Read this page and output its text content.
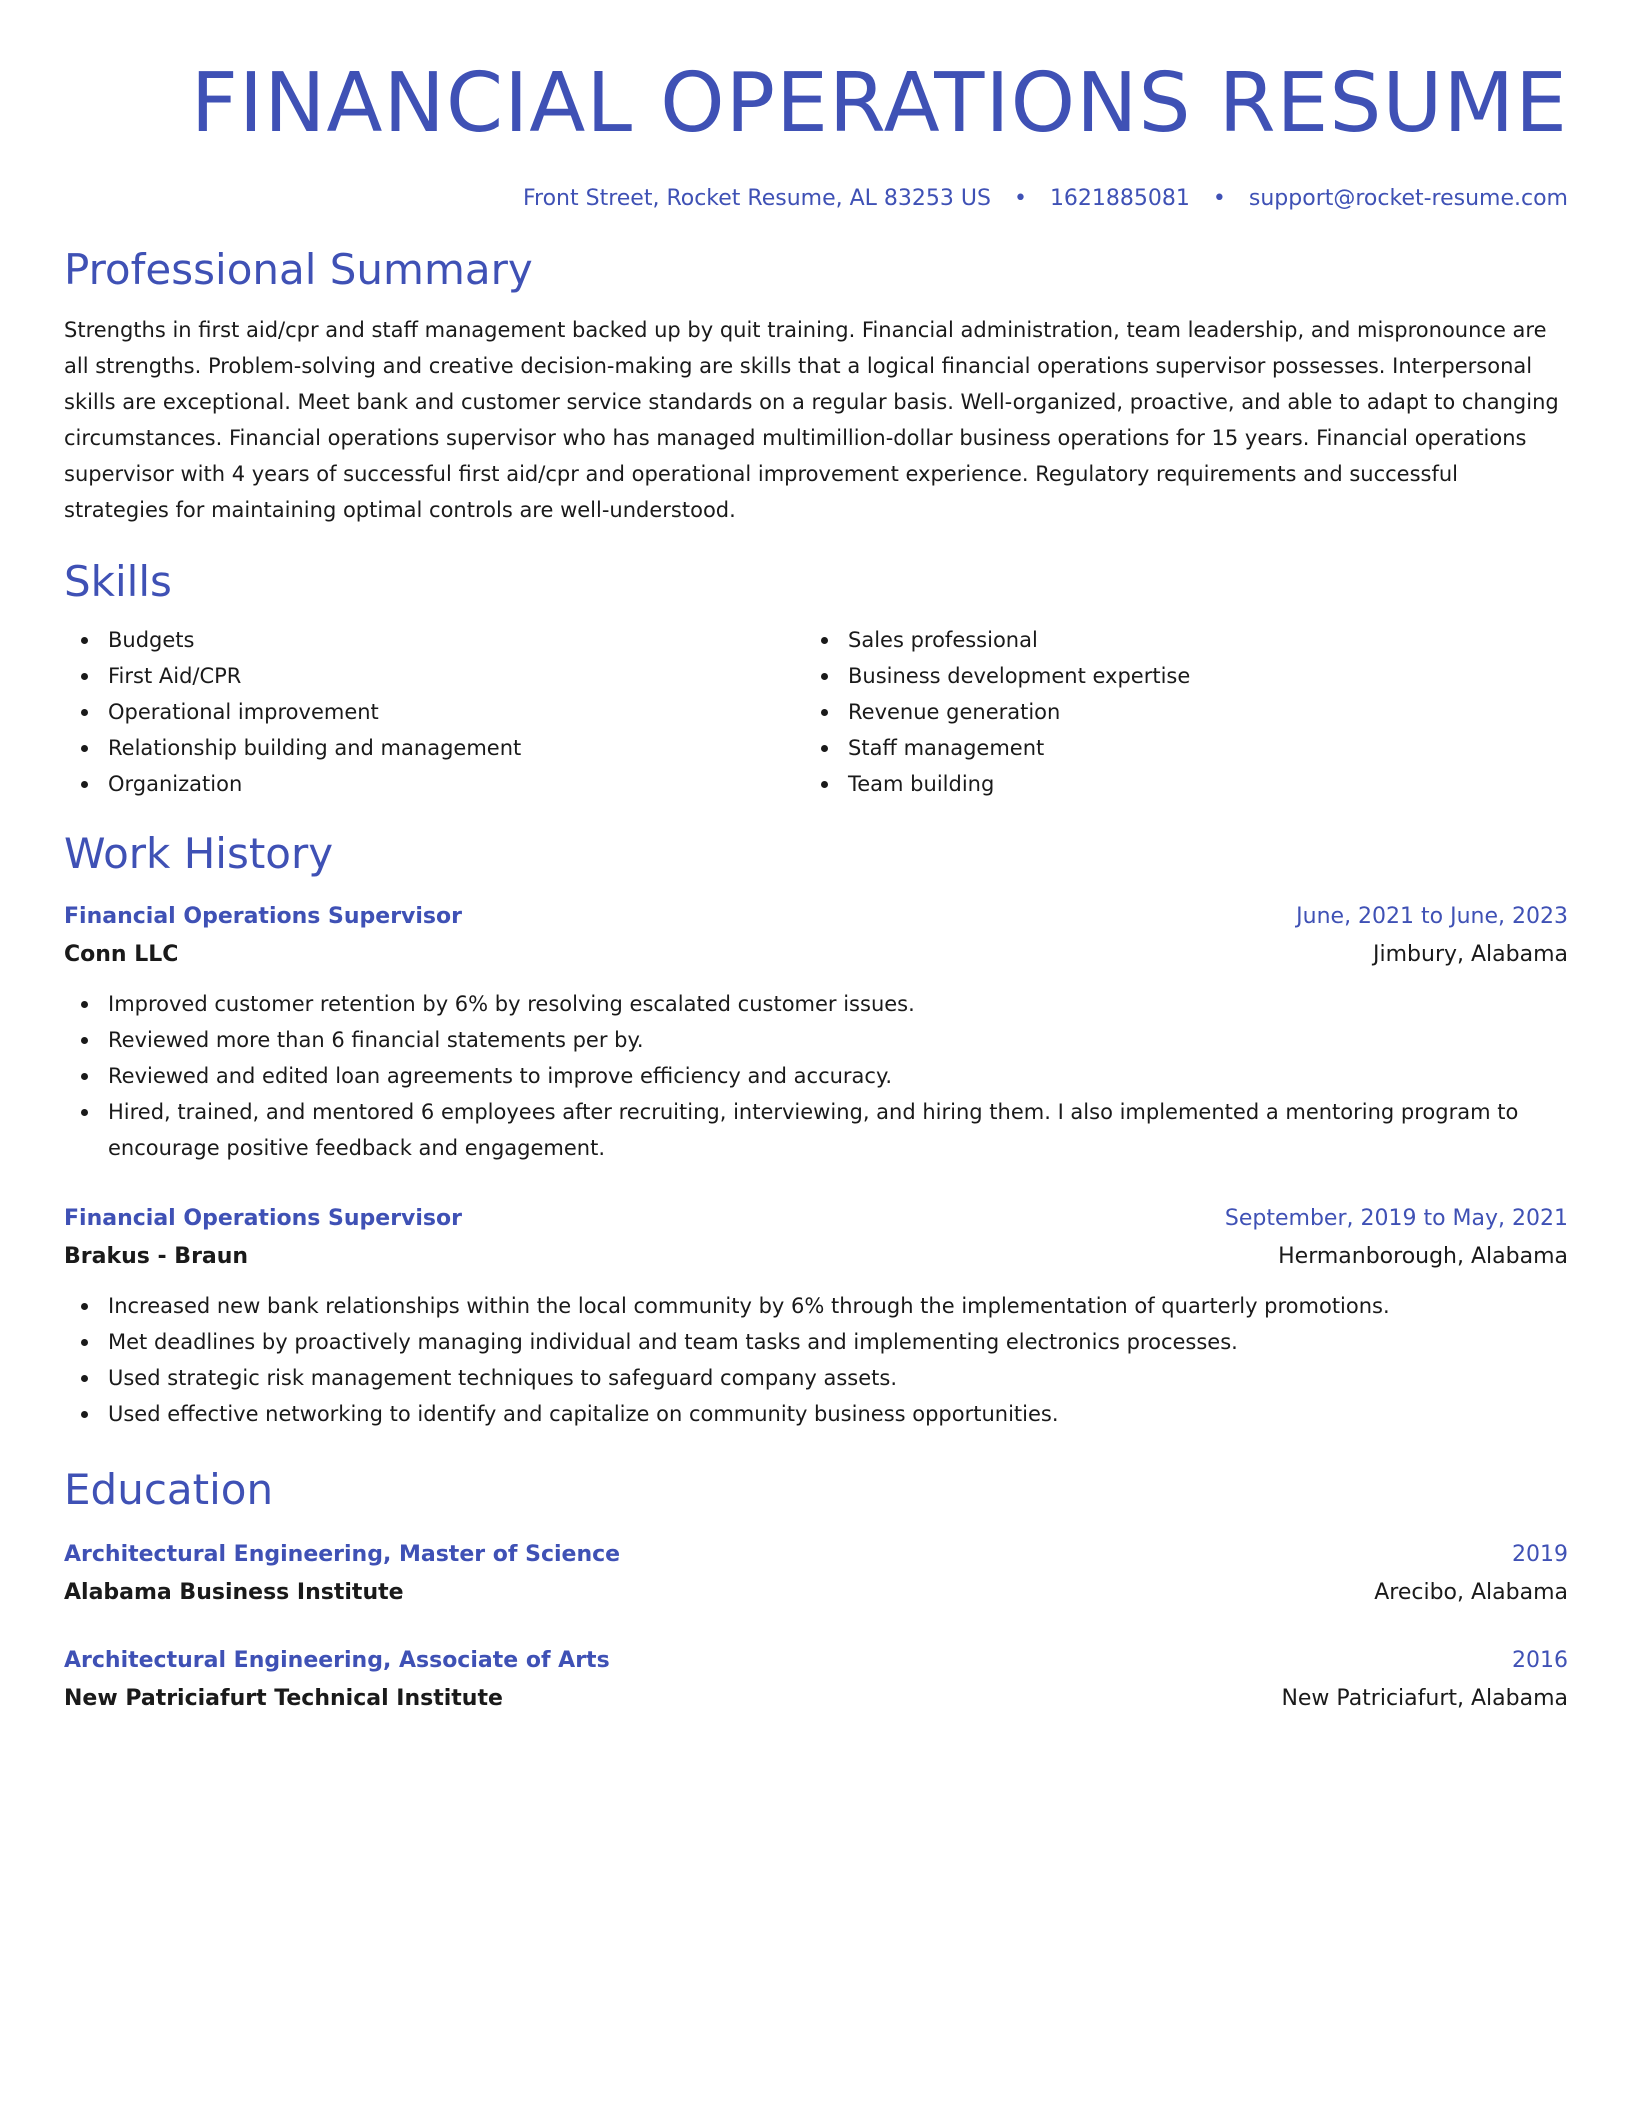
FINANCIAL OPERATIONS RESUME
Front Street, Rocket Resume, AL 83253 US • 1621885081 • support@rocket-resume.com
Professional Summary

Strengths in first aid/cpr and staff management backed up by quit training. Financial administration, team leadership, and mispronounce are all strengths. Problem-solving and creative decision-making are skills that a logical financial operations supervisor possesses. Interpersonal skills are exceptional. Meet bank and customer service standards on a regular basis. Well-organized, proactive, and able to adapt to changing circumstances. Financial operations supervisor who has managed multimillion-dollar business operations for 15 years. Financial operations supervisor with 4 years of successful first aid/cpr and operational improvement experience. Regulatory requirements and successful strategies for maintaining optimal controls are well-understood.

Skills
Budgets
First Aid/CPR
Operational improvement
Relationship building and management
Organization
Sales professional
Business development expertise
Revenue generation
Staff management
Team building
Work History
Financial Operations Supervisor	June, 2021 to June, 2023
Conn LLC	Jimbury, Alabama
Improved customer retention by 6% by resolving escalated customer issues.
Reviewed more than 6 financial statements per by.
Reviewed and edited loan agreements to improve efficiency and accuracy.
Hired, trained, and mentored 6 employees after recruiting, interviewing, and hiring them. I also implemented a mentoring program to encourage positive feedback and engagement.
Financial Operations Supervisor	September, 2019 to May, 2021
Brakus - Braun	Hermanborough, Alabama
Increased new bank relationships within the local community by 6% through the implementation of quarterly promotions.
Met deadlines by proactively managing individual and team tasks and implementing electronics processes.
Used strategic risk management techniques to safeguard company assets.
Used effective networking to identify and capitalize on community business opportunities.
Education
Architectural Engineering, Master of Science	2019
Alabama Business Institute	Arecibo, Alabama
Architectural Engineering, Associate of Arts	2016
New Patriciafurt Technical Institute	New Patriciafurt, Alabama
